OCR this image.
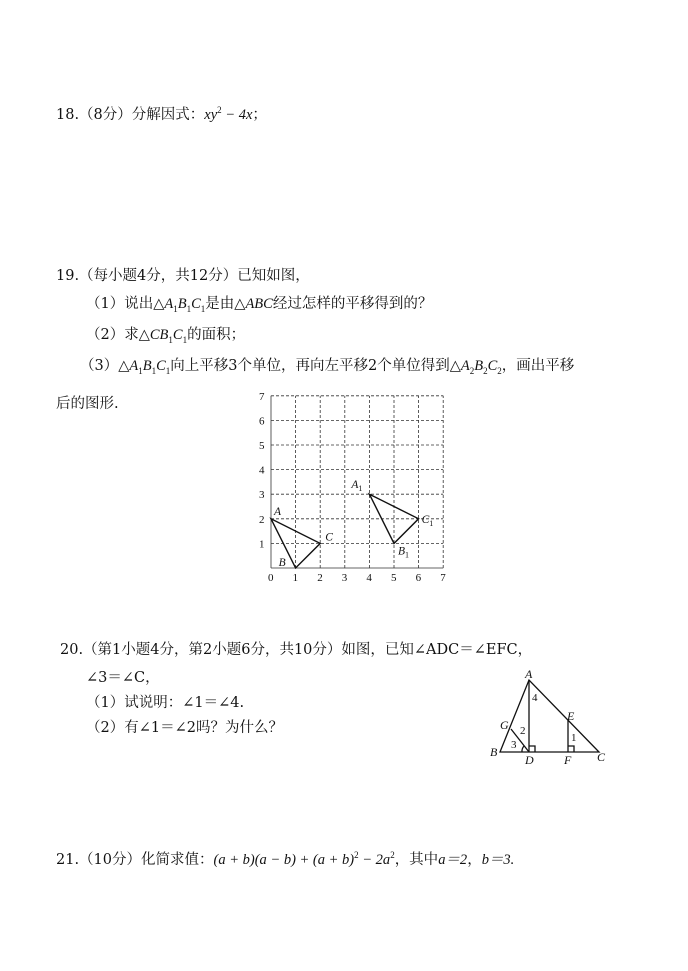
18.（8分）分解因式：$xy^2 - 4x$；
19.（每小题4分，共12分）已知如图，
（1）说出$\triangle A_1B_1C_1$是由△ABC经过怎样的平移得到的？
（2）求$\triangle CB_1C_1$的面积；
$(3)\triangle A_1B_1C_1$向上平移3个单位，再向左平移2个单位得到$\triangle A_2B_2C_2$，画出平移
后的图形.
0 1 2 3 4 5 6 7
1
2
3
4
5
6
7
A
B
C
$A_1$
$B_1$
$C_1$
20.（第1小题4分，第2小题6分，共10分）如图，已知∠ADC＝∠EFC，
∠3＝∠C，
（1）试说明：∠1＝∠4.
（2）有∠1＝∠2吗？为什么？
A
B	C
D
E
F
G
1
2
3
4
21.（10分）化简求值：$(a + b)(a - b) + (a + b)^2 - 2a^2$，其中a＝2，b＝3.
